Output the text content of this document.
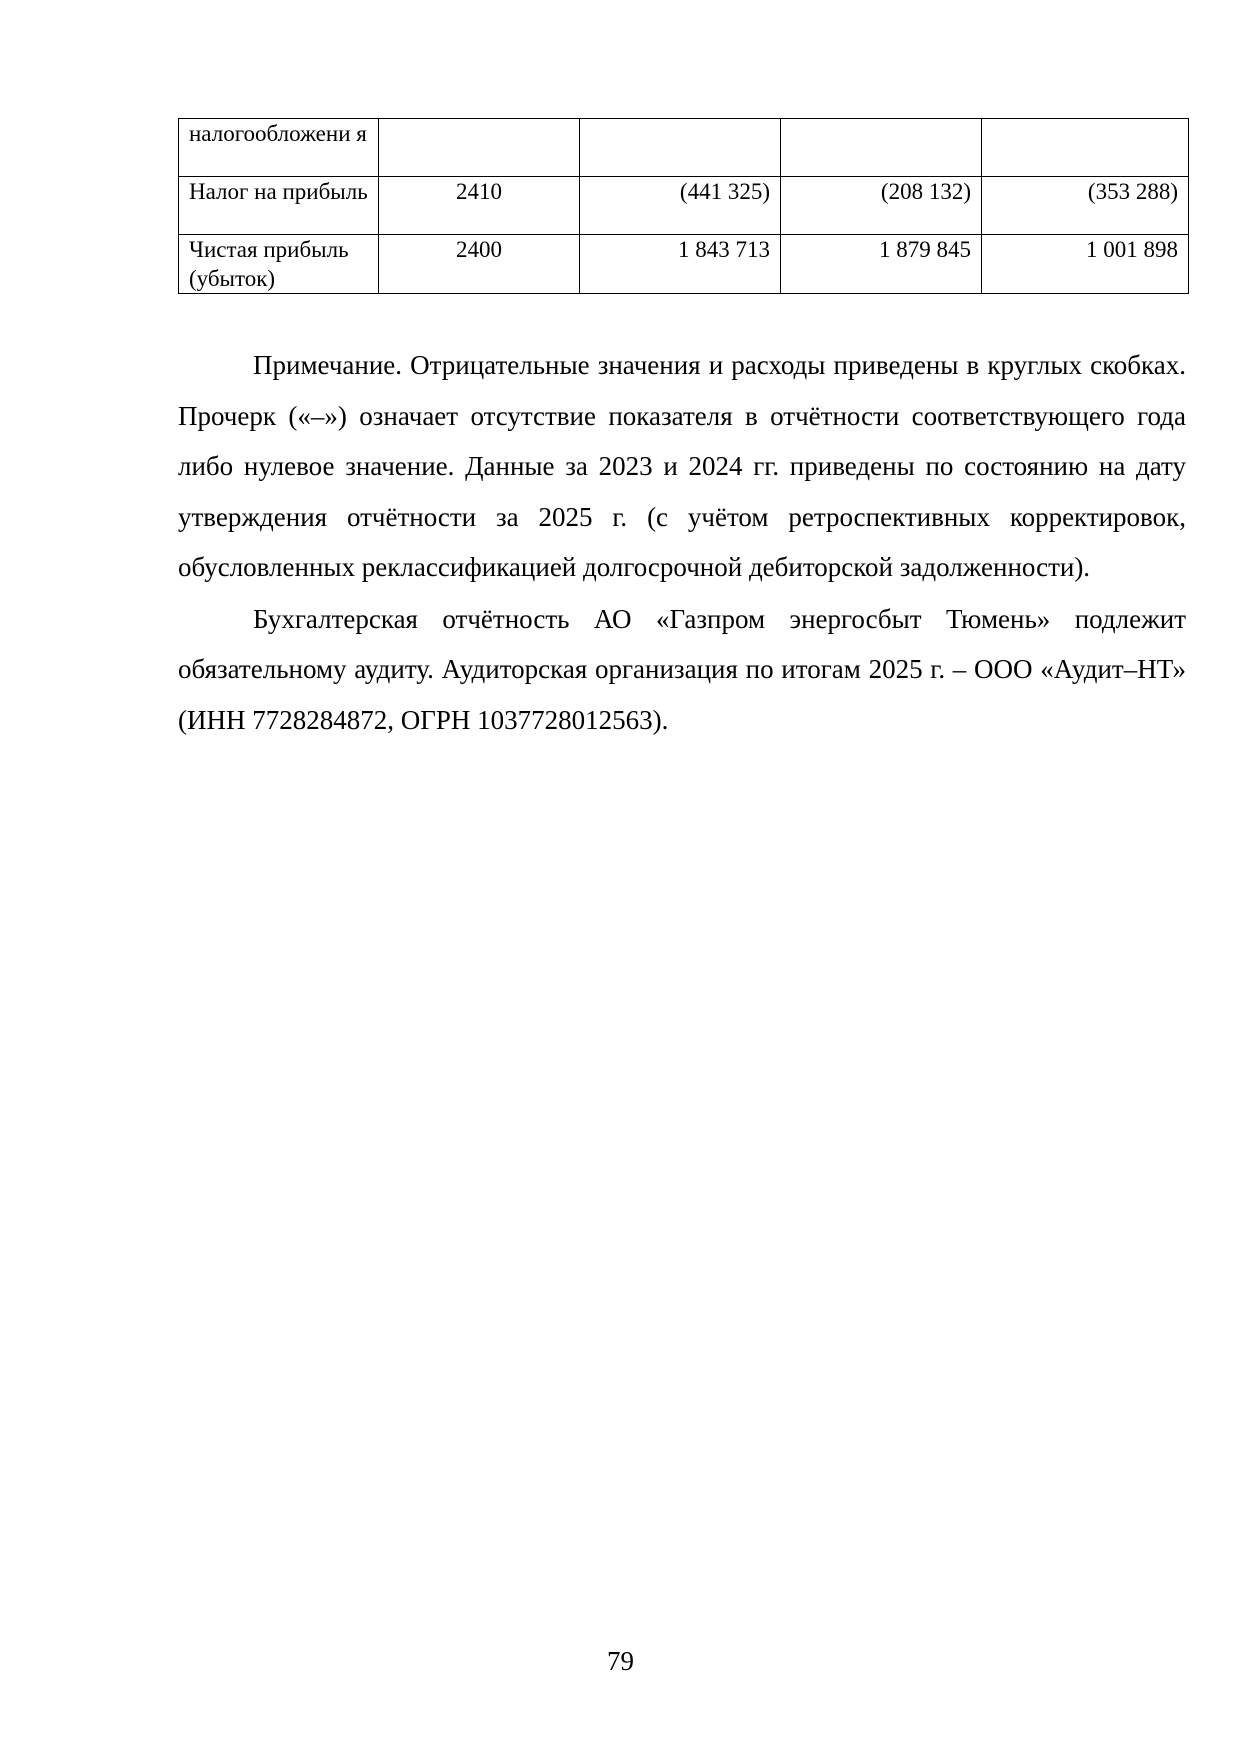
налогообложени я				
Налог на прибыль	2410	(441 325)	(208 132)	(353 288)
Чистая прибыль (убыток)	2400	1 843 713	1 879 845	1 001 898

Примечание. Отрицательные значения и расходы приведены в круглых скобках. Прочерк («–») означает отсутствие показателя в отчётности соответствующего года либо нулевое значение. Данные за 2023 и 2024 гг. приведены по состоянию на дату утверждения отчётности за 2025 г. (с учётом ретроспективных корректировок, обусловленных реклассификацией долгосрочной дебиторской задолженности).

Бухгалтерская отчётность АО «Газпром энергосбыт Тюмень» подлежит обязательному аудиту. Аудиторская организация по итогам 2025 г. – ООО «Аудит–НТ» (ИНН 7728284872, ОГРН 1037728012563).

79
